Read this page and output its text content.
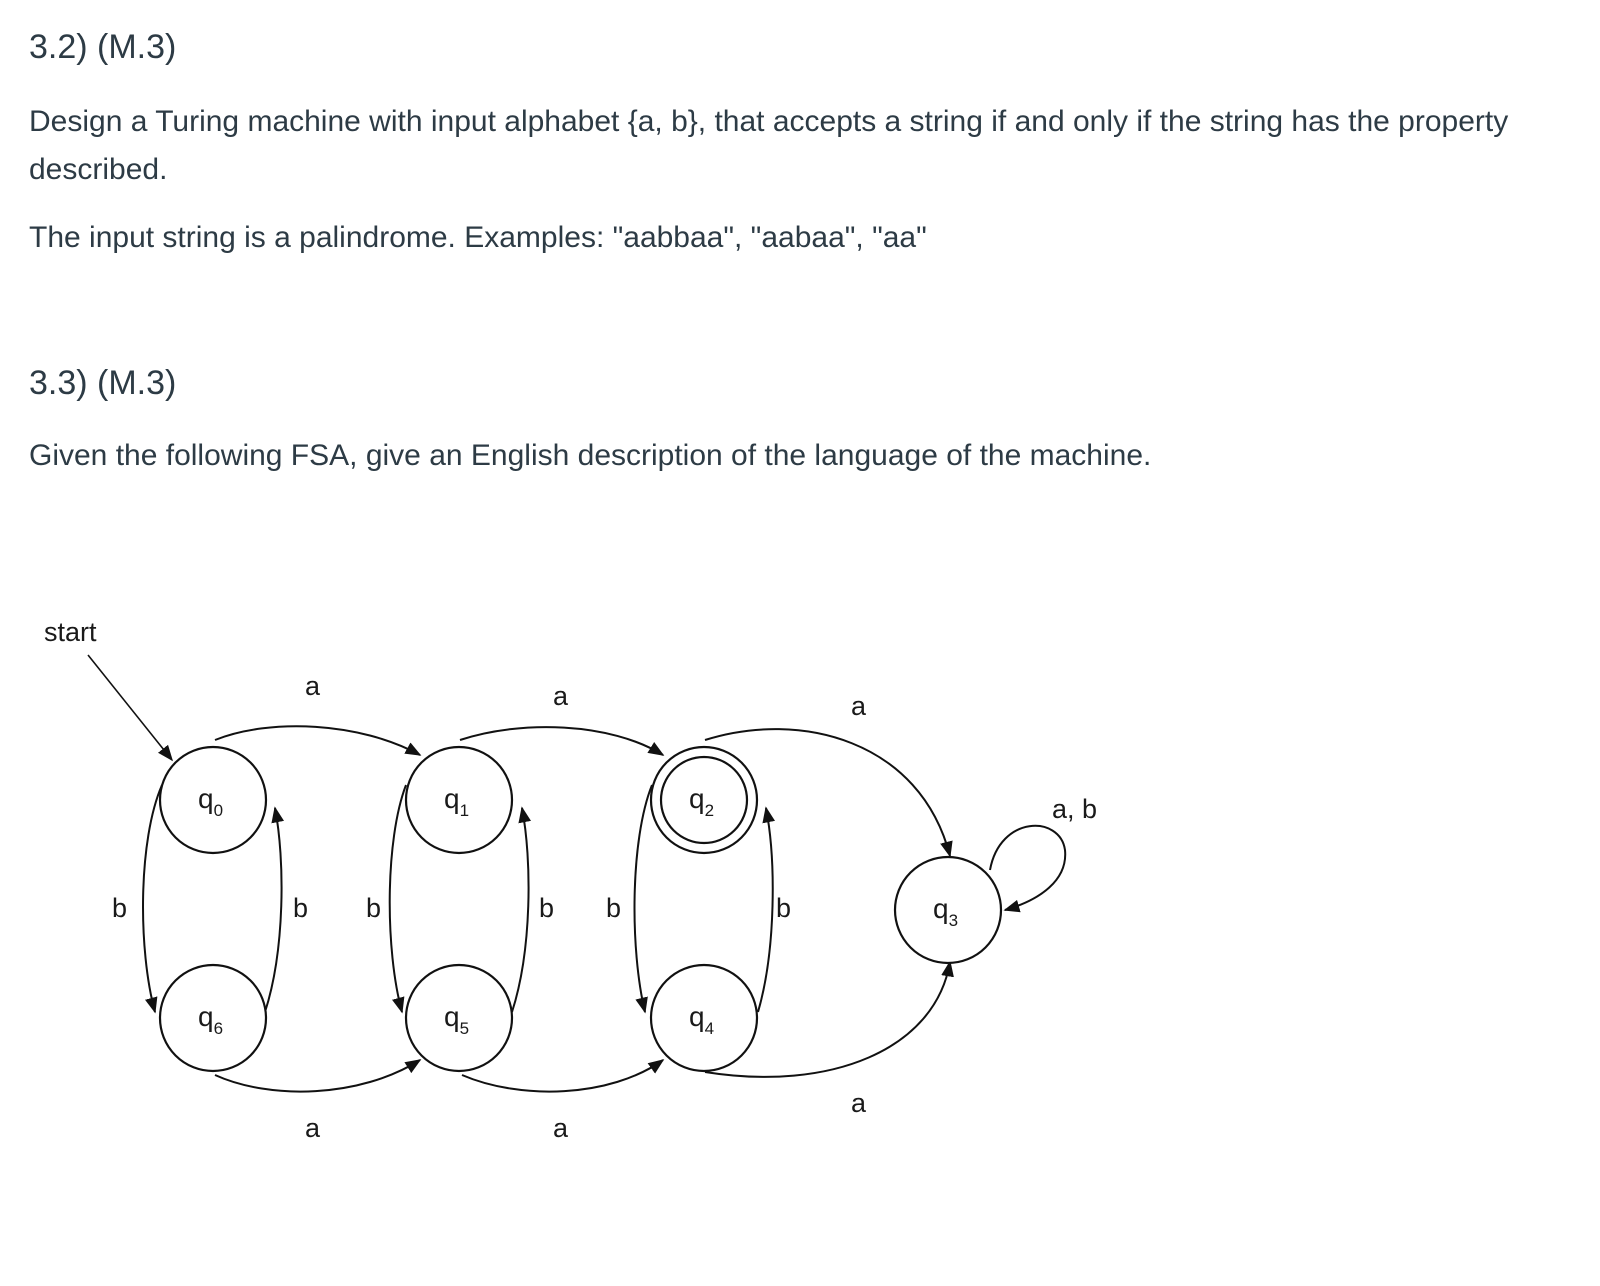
3.2) (M.3)

Design a Turing machine with input alphabet {a, b}, that accepts a string if and only if the string has the property described.

The input string is a palindrome. Examples: "aabbaa", "aabaa", "aa"

3.3) (M.3)

Given the following FSA, give an English description of the language of the machine.

start
a	a	a
a, b
b	b b	b b	b
a	a
a
$q_0$	$q_1$	$q_2$
$q_3$
$q_4$
$q_5$
$q_6$
